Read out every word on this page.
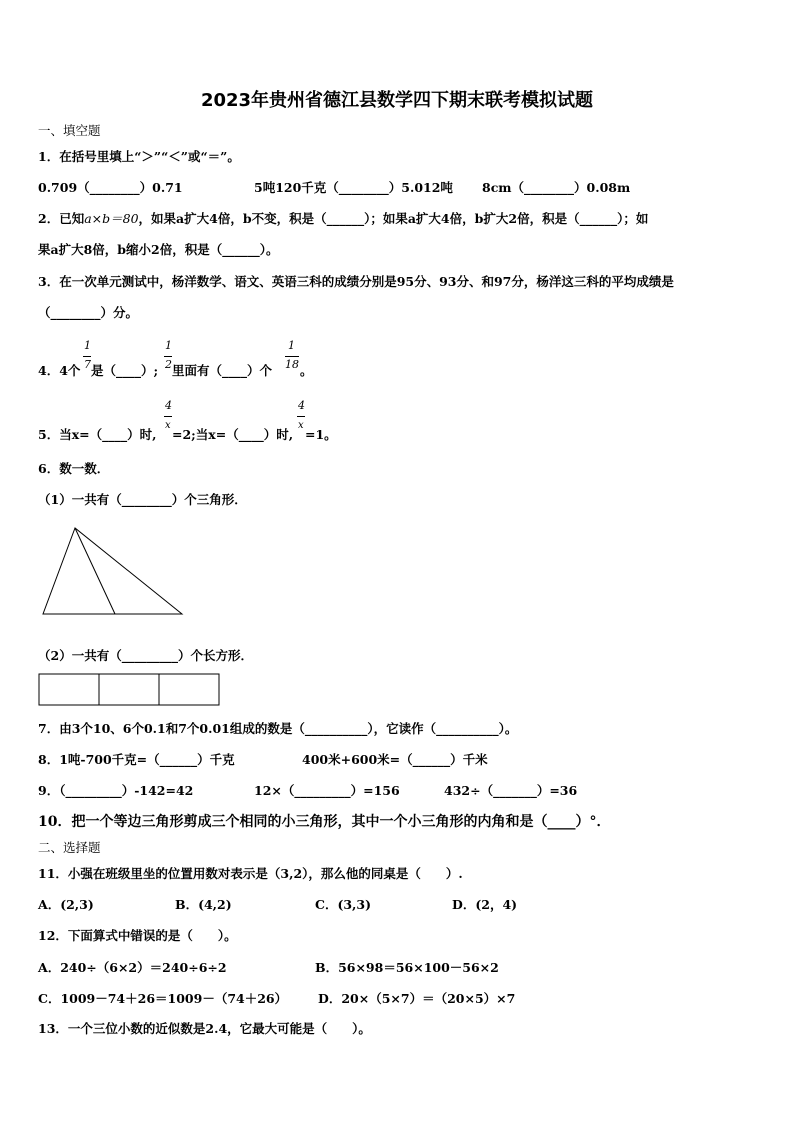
2023年贵州省德江县数学四下期末联考模拟试题
一、填空题
1．在括号里填上“＞”“＜”或“＝”。
0.709（________）0.71	5吨120千克（________）5.012吨 8cm（________）0.08m
2．已知a×b＝80，如果a扩大4倍，b不变，积是（______）；如果a扩大4倍，b扩大2倍，积是（______）；如
果a扩大8倍，b缩小2倍，积是（______）。
3．在一次单元测试中，杨洋数学、语文、英语三科的成绩分别是95分、93分、和97分，杨洋这三科的平均成绩是
（________）分。
4．4个
1
7 是（____）;
1
2 里面有（____）个
1
18 。
5．当x=（____）时,
4
x
=2;当x=（____）时,
4
x
=1。
6．数一数．
（1）一共有（________）个三角形．
（2）一共有（_________）个长方形．
7．由3个10、6个0.1和7个0.01组成的数是（__________），它读作（__________）。
8．1吨-700千克=（______）千克	400米+600米=（______）千米
9．（_________）-142=42	12×（_________）=156	432÷（_______）=36
10．把一个等边三角形剪成三个相同的小三角形，其中一个小三角形的内角和是（____）°．
二、选择题
11．小强在班级里坐的位置用数对表示是（3,2），那么他的同桌是（　　）.
A．(2,3)	B．(4,2)	C．(3,3)	D．(2，4)
12．下面算式中错误的是（　　）。
A．240÷（6×2）＝240÷6÷2	B．56×98＝56×100－56×2
C．1009－74＋26＝1009－（74＋26） D．20×（5×7）＝（20×5）×7
13．一个三位小数的近似数是2.4，它最大可能是（　　）。
